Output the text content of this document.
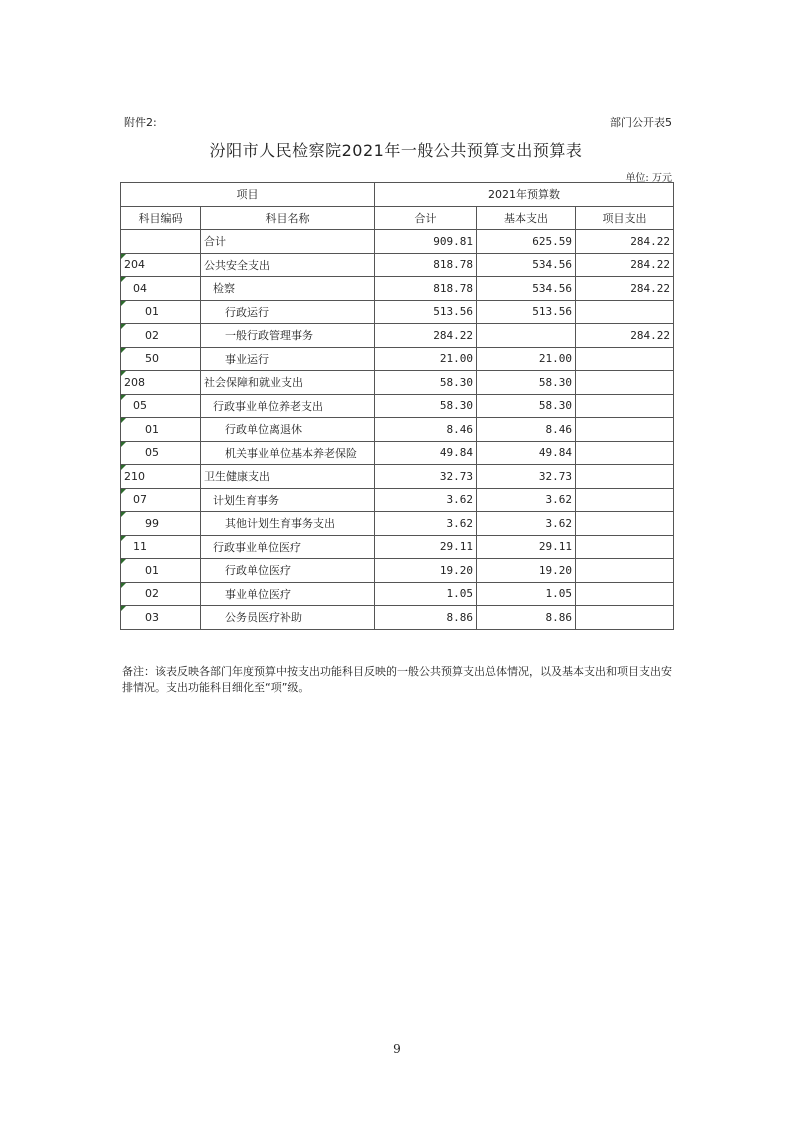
附件2:	部门公开表5
汾阳市人民检察院2021年一般公共预算支出预算表
单位: 万元
项目		2021年预算数		
科目编码	科目名称	合计	基本支出	项目支出
	合计	909.81	625.59	284.22
204	公共安全支出	818.78	534.56	284.22
04	检察	818.78	534.56	284.22
01	行政运行	513.56	513.56	
02	一般行政管理事务	284.22		284.22
50	事业运行	21.00	21.00	
208	社会保障和就业支出	58.30	58.30	
05	行政事业单位养老支出	58.30	58.30	
01	行政单位离退休	8.46	8.46	
05	机关事业单位基本养老保险	49.84	49.84	
210	卫生健康支出	32.73	32.73	
07	计划生育事务	3.62	3.62	
99	其他计划生育事务支出	3.62	3.62	
11	行政事业单位医疗	29.11	29.11	
01	行政单位医疗	19.20	19.20	
02	事业单位医疗	1.05	1.05	
03	公务员医疗补助	8.86	8.86	
备注：该表反映各部门年度预算中按支出功能科目反映的一般公共预算支出总体情况，以及基本支出和项目支出安排情况。支出功能科目细化至“项”级。
9
